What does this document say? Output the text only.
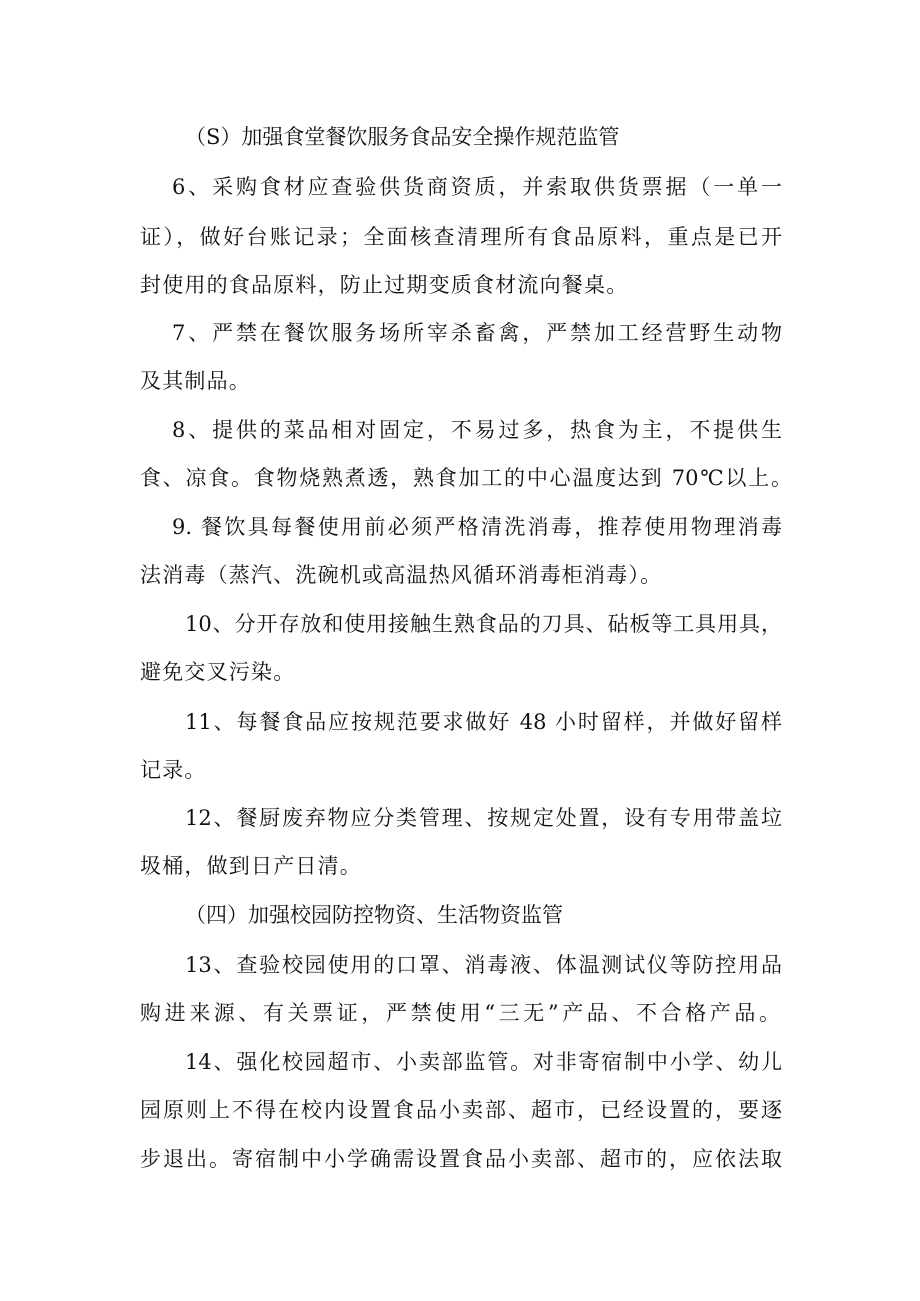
（S）加强食堂餐饮服务食品安全操作规范监管
6、采购食材应查验供货商资质，并索取供货票据（一单一
证），做好台账记录；全面核查清理所有食品原料，重点是已开
封使用的食品原料，防止过期变质食材流向餐桌。
7、严禁在餐饮服务场所宰杀畜禽，严禁加工经营野生动物
及其制品。
8、提供的菜品相对固定，不易过多，热食为主，不提供生
食、凉食。食物烧熟煮透，熟食加工的中心温度达到 70℃以上。
9. 餐饮具每餐使用前必须严格清洗消毒，推荐使用物理消毒
法消毒（蒸汽、洗碗机或高温热风循环消毒柜消毒）。
10、分开存放和使用接触生熟食品的刀具、砧板等工具用具，
避免交叉污染。
11、每餐食品应按规范要求做好 48 小时留样，并做好留样
记录。
12、餐厨废弃物应分类管理、按规定处置，设有专用带盖垃
圾桶，做到日产日清。
（四）加强校园防控物资、生活物资监管
13、查验校园使用的口罩、消毒液、体温测试仪等防控用品
购进来源、有关票证，严禁使用“三无”产品、不合格产品。
14、强化校园超市、小卖部监管。对非寄宿制中小学、幼儿
园原则上不得在校内设置食品小卖部、超市，已经设置的，要逐
步退出。寄宿制中小学确需设置食品小卖部、超市的，应依法取
